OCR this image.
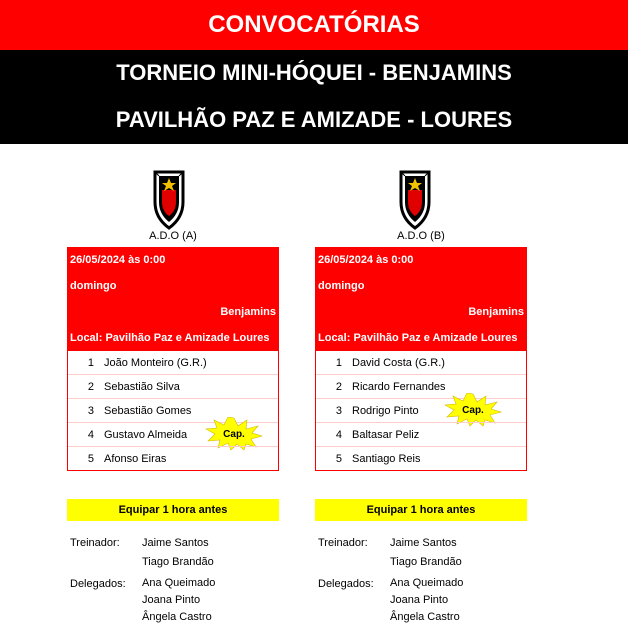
CONVOCATÓRIAS
TORNEIO MINI-HÓQUEI - BENJAMINS
PAVILHÃO PAZ E AMIZADE - LOURES
A.D.O (A)
26/05/2024 às 0:00
domingo
Benjamins
Local: Pavilhão Paz e Amizade Loures
1 João Monteiro (G.R.)
2 Sebastião Silva
3 Sebastião Gomes
4 Gustavo Almeida	Cap.
5 Afonso Eiras
Equipar 1 hora antes
Treinador:	Jaime Santos
Tiago Brandão
Delegados:	Ana Queimado
Joana Pinto
Ângela Castro
A.D.O (B)
26/05/2024 às 0:00
domingo
Benjamins
Local: Pavilhão Paz e Amizade Loures
1 David Costa (G.R.)
2 Ricardo Fernandes
3 Rodrigo Pinto	Cap.
4 Baltasar Peliz
5 Santiago Reis
Equipar 1 hora antes
Treinador:	Jaime Santos
Tiago Brandão
Delegados:	Ana Queimado
Joana Pinto
Ângela Castro
